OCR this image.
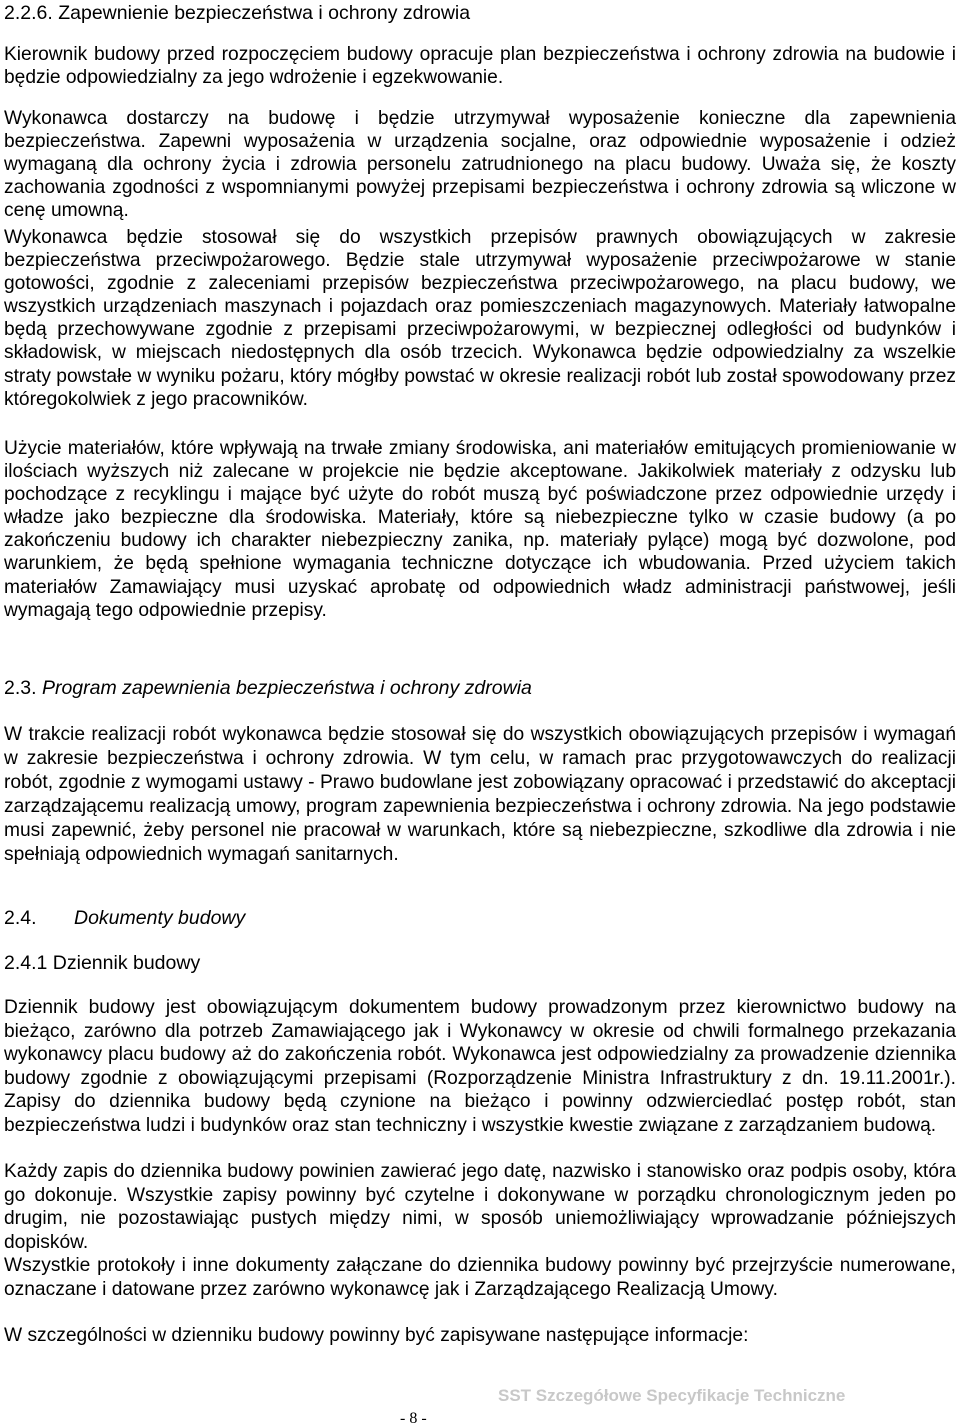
2.2.6. Zapewnienie bezpieczeństwa i ochrony zdrowia

Kierownik budowy przed rozpoczęciem budowy opracuje plan bezpieczeństwa i ochrony zdrowia na budowie i będzie odpowiedzialny za jego wdrożenie i egzekwowanie.

Wykonawca dostarczy na budowę i będzie utrzymywał wyposażenie konieczne dla zapewnienia bezpieczeństwa. Zapewni wyposażenia w urządzenia socjalne, oraz odpowiednie wyposażenie i odzież wymaganą dla ochrony życia i zdrowia personelu zatrudnionego na placu budowy. Uważa się, że koszty zachowania zgodności z wspomnianymi powyżej przepisami bezpieczeństwa i ochrony zdrowia są wliczone w cenę umowną.

Wykonawca będzie stosował się do wszystkich przepisów prawnych obowiązujących w zakresie bezpieczeństwa przeciwpożarowego. Będzie stale utrzymywał wyposażenie przeciwpożarowe w stanie gotowości, zgodnie z zaleceniami przepisów bezpieczeństwa przeciwpożarowego, na placu budowy, we wszystkich urządzeniach maszynach i pojazdach oraz pomieszczeniach magazynowych. Materiały łatwopalne będą przechowywane zgodnie z przepisami przeciwpożarowymi, w bezpiecznej odległości od budynków i składowisk, w miejscach niedostępnych dla osób trzecich. Wykonawca będzie odpowiedzialny za wszelkie straty powstałe w wyniku pożaru, który mógłby powstać w okresie realizacji robót lub został spowodowany przez któregokolwiek z jego pracowników.

Użycie materiałów, które wpływają na trwałe zmiany środowiska, ani materiałów emitujących promieniowanie w ilościach wyższych niż zalecane w projekcie nie będzie akceptowane. Jakikolwiek materiały z odzysku lub pochodzące z recyklingu i mające być użyte do robót muszą być poświadczone przez odpowiednie urzędy i władze jako bezpieczne dla środowiska. Materiały, które są niebezpieczne tylko w czasie budowy (a po zakończeniu budowy ich charakter niebezpieczny zanika, np. materiały pylące) mogą być dozwolone, pod warunkiem, że będą spełnione wymagania techniczne dotyczące ich wbudowania. Przed użyciem takich materiałów Zamawiający musi uzyskać aprobatę od odpowiednich władz administracji państwowej, jeśli wymagają tego odpowiednie przepisy.

2.3. Program zapewnienia bezpieczeństwa i ochrony zdrowia

W trakcie realizacji robót wykonawca będzie stosował się do wszystkich obowiązujących przepisów i wymagań w zakresie bezpieczeństwa i ochrony zdrowia. W tym celu, w ramach prac przygotowawczych do realizacji robót, zgodnie z wymogami ustawy - Prawo budowlane jest zobowiązany opracować i przedstawić do akceptacji zarządzającemu realizacją umowy, program zapewnienia bezpieczeństwa i ochrony zdrowia. Na jego podstawie musi zapewnić, żeby personel nie pracował w warunkach, które są niebezpieczne, szkodliwe dla zdrowia i nie spełniają odpowiednich wymagań sanitarnych.

2.4. Dokumenty budowy
2.4.1 Dziennik budowy

Dziennik budowy jest obowiązującym dokumentem budowy prowadzonym przez kierownictwo budowy na bieżąco, zarówno dla potrzeb Zamawiającego jak i Wykonawcy w okresie od chwili formalnego przekazania wykonawcy placu budowy aż do zakończenia robót. Wykonawca jest odpowiedzialny za prowadzenie dziennika budowy zgodnie z obowiązującymi przepisami (Rozporządzenie Ministra Infrastruktury z dn. 19.11.2001r.). Zapisy do dziennika budowy będą czynione na bieżąco i powinny odzwierciedlać postęp robót, stan bezpieczeństwa ludzi i budynków oraz stan techniczny i wszystkie kwestie związane z zarządzaniem budową.

Każdy zapis do dziennika budowy powinien zawierać jego datę, nazwisko i stanowisko oraz podpis osoby, która go dokonuje. Wszystkie zapisy powinny być czytelne i dokonywane w porządku chronologicznym jeden po drugim, nie pozostawiając pustych między nimi, w sposób uniemożliwiający wprowadzanie późniejszych dopisków.

Wszystkie protokoły i inne dokumenty załączane do dziennika budowy powinny być przejrzyście numerowane, oznaczane i datowane przez zarówno wykonawcę jak i Zarządzającego Realizacją Umowy.

W szczególności w dzienniku budowy powinny być zapisywane następujące informacje:

SST Szczegółowe Specyfikacje Techniczne
- 8 -
